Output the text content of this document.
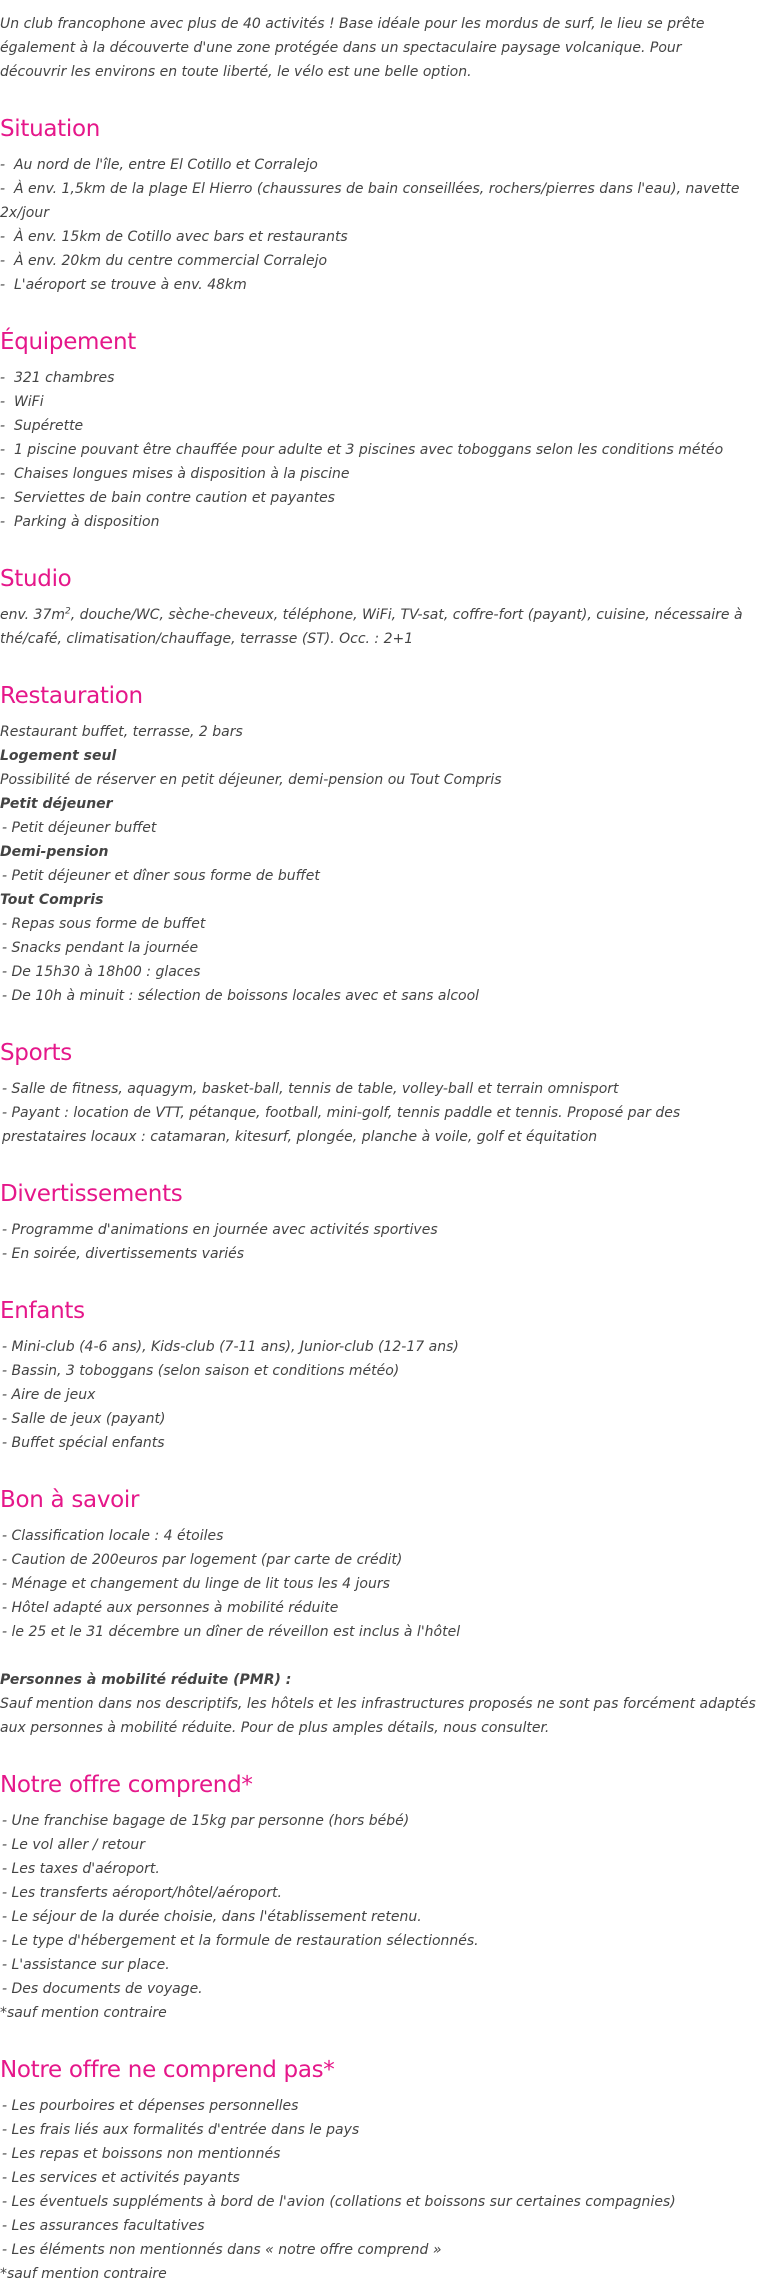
Un club francophone avec plus de 40 activités ! Base idéale pour les mordus de surf, le lieu se prête également à la découverte d'une zone protégée dans un spectaculaire paysage volcanique. Pour découvrir les environs en toute liberté, le vélo est une belle option.

Situation
- Au nord de l'île, entre El Cotillo et Corralejo
- À env. 1,5km de la plage El Hierro (chaussures de bain conseillées, rochers/pierres dans l'eau), navette 2x/jour
- À env. 15km de Cotillo avec bars et restaurants
- À env. 20km du centre commercial Corralejo
- L'aéroport se trouve à env. 48km
Équipement
- 321 chambres
- WiFi
- Supérette
- 1 piscine pouvant être chauffée pour adulte et 3 piscines avec toboggans selon les conditions météo
- Chaises longues mises à disposition à la piscine
- Serviettes de bain contre caution et payantes
- Parking à disposition
Studio

env. $37m^2$, douche/WC, sèche-cheveux, téléphone, WiFi, TV-sat, coffre-fort (payant), cuisine, nécessaire à thé/café, climatisation/chauffage, terrasse (ST). Occ. : 2+1

Restauration

Restaurant buffet, terrasse, 2 bars

Logement seul

Possibilité de réserver en petit déjeuner, demi-pension ou Tout Compris

Petit déjeuner

- Petit déjeuner buffet

Demi-pension

- Petit déjeuner et dîner sous forme de buffet

Tout Compris

- Repas sous forme de buffet
- Snacks pendant la journée
- De 15h30 à 18h00 : glaces
- De 10h à minuit : sélection de boissons locales avec et sans alcool
Sports
- Salle de fitness, aquagym, basket-ball, tennis de table, volley-ball et terrain omnisport
- Payant : location de VTT, pétanque, football, mini-golf, tennis paddle et tennis. Proposé par des prestataires locaux : catamaran, kitesurf, plongée, planche à voile, golf et équitation
Divertissements
- Programme d'animations en journée avec activités sportives
- En soirée, divertissements variés
Enfants
- Mini-club (4-6 ans), Kids-club (7-11 ans), Junior-club (12-17 ans)
- Bassin, 3 toboggans (selon saison et conditions météo)
- Aire de jeux
- Salle de jeux (payant)
- Buffet spécial enfants
Bon à savoir
- Classification locale : 4 étoiles
- Caution de 200euros par logement (par carte de crédit)
- Ménage et changement du linge de lit tous les 4 jours
- Hôtel adapté aux personnes à mobilité réduite
- le 25 et le 31 décembre un dîner de réveillon est inclus à l'hôtel

Personnes à mobilité réduite (PMR) :

Sauf mention dans nos descriptifs, les hôtels et les infrastructures proposés ne sont pas forcément adaptés aux personnes à mobilité réduite. Pour de plus amples détails, nous consulter.

Notre offre comprend*
- Une franchise bagage de 15kg par personne (hors bébé)
- Le vol aller / retour
- Les taxes d'aéroport.
- Les transferts aéroport/hôtel/aéroport.
- Le séjour de la durée choisie, dans l'établissement retenu.
- Le type d'hébergement et la formule de restauration sélectionnés.
- L'assistance sur place.
- Des documents de voyage.
*sauf mention contraire
Notre offre ne comprend pas*
- Les pourboires et dépenses personnelles
- Les frais liés aux formalités d'entrée dans le pays
- Les repas et boissons non mentionnés
- Les services et activités payants
- Les éventuels suppléments à bord de l'avion (collations et boissons sur certaines compagnies)
- Les assurances facultatives
- Les éléments non mentionnés dans « notre offre comprend »
*sauf mention contraire
